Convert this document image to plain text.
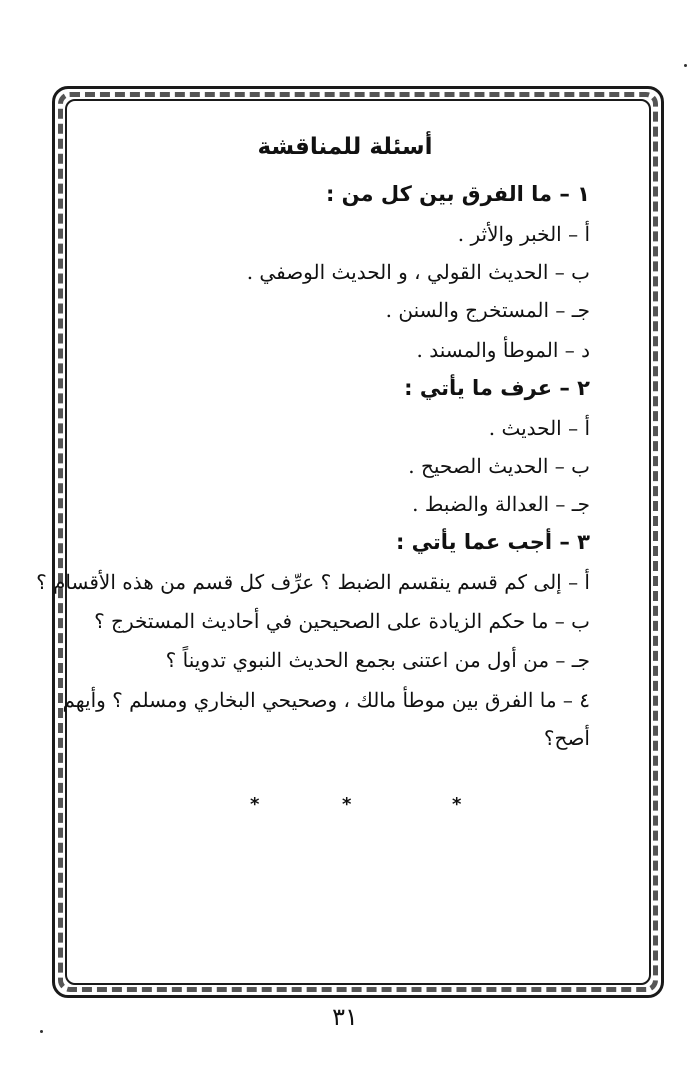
أسئلة للمناقشة
١ – ما الفرق بين كل من :
أ – الخبر والأثر .
ب – الحديث القولي ، و الحديث الوصفي .
جـ – المستخرج والسنن .
د – الموطأ والمسند .
٢ – عرف ما يأتي :
أ – الحديث .
ب – الحديث الصحيح .
جـ – العدالة والضبط .
٣ – أجب عما يأتي :
أ – إلى كم قسم ينقسم الضبط ؟ عرِّف كل قسم من هذه الأقسام ؟
ب – ما حكم الزيادة على الصحيحين في أحاديث المستخرج ؟
جـ – من أول من اعتنى بجمع الحديث النبوي تدويناً ؟
٤ – ما الفرق بين موطأ مالك ، وصحيحي البخاري ومسلم ؟ وأيهم
أصح؟
*	*	*
٣١
